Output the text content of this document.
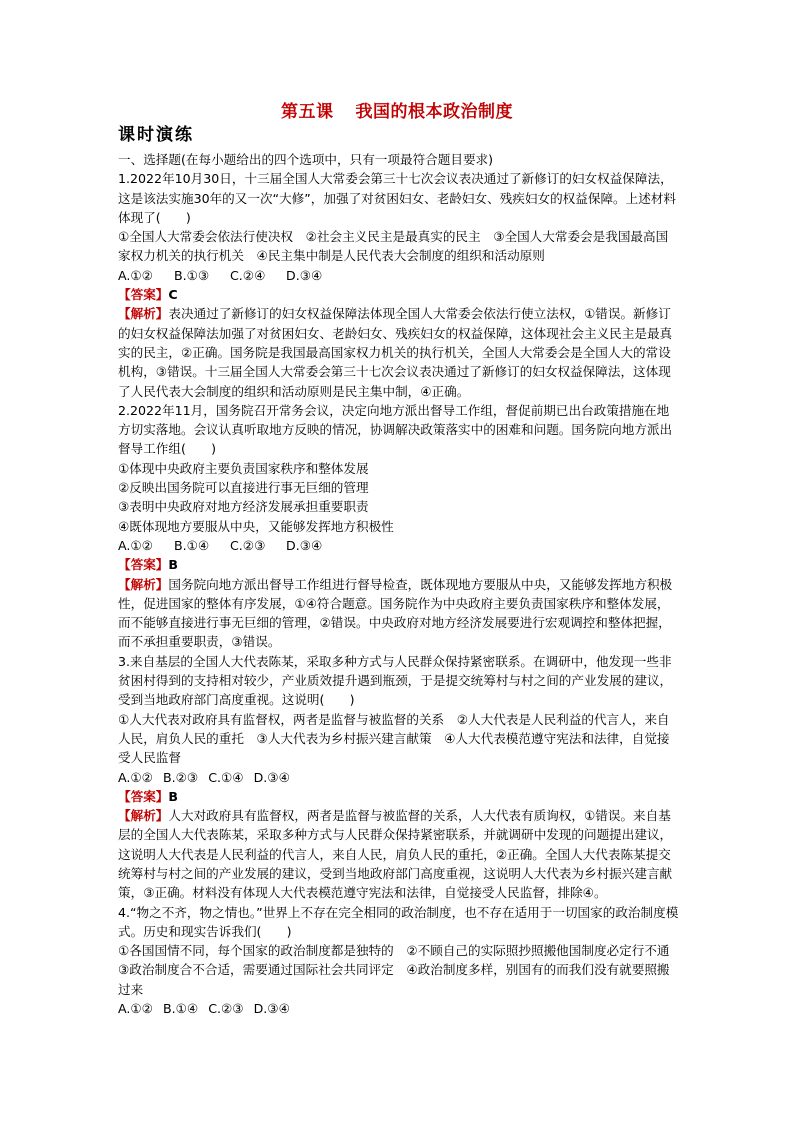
第五课 我国的根本政治制度
课时演练

一、选择题(在每小题给出的四个选项中，只有一项最符合题目要求)

1.2022年10月30日，十三届全国人大常委会第三十七次会议表决通过了新修订的妇女权益保障法，这是该法实施30年的又一次“大修”，加强了对贫困妇女、老龄妇女、残疾妇女的权益保障。上述材料体现了(　　)

①全国人大常委会依法行使决权　②社会主义民主是最真实的民主　③全国人大常委会是我国最高国家权力机关的执行机关　④民主集中制是人民代表大会制度的组织和活动原则

A.①② B.①③ C.②④ D.③④

【答案】C

【解析】表决通过了新修订的妇女权益保障法体现全国人大常委会依法行使立法权，①错误。新修订的妇女权益保障法加强了对贫困妇女、老龄妇女、残疾妇女的权益保障，这体现社会主义民主是最真实的民主，②正确。国务院是我国最高国家权力机关的执行机关，全国人大常委会是全国人大的常设机构，③错误。十三届全国人大常委会第三十七次会议表决通过了新修订的妇女权益保障法，这体现了人民代表大会制度的组织和活动原则是民主集中制，④正确。

2.2022年11月，国务院召开常务会议，决定向地方派出督导工作组，督促前期已出台政策措施在地方切实落地。会议认真听取地方反映的情况，协调解决政策落实中的困难和问题。国务院向地方派出督导工作组(　　)

①体现中央政府主要负责国家秩序和整体发展

②反映出国务院可以直接进行事无巨细的管理

③表明中央政府对地方经济发展承担重要职责

④既体现地方要服从中央，又能够发挥地方积极性

A.①② B.①④ C.②③ D.③④

【答案】B

【解析】国务院向地方派出督导工作组进行督导检查，既体现地方要服从中央，又能够发挥地方积极性，促进国家的整体有序发展，①④符合题意。国务院作为中央政府主要负责国家秩序和整体发展，而不能够直接进行事无巨细的管理，②错误。中央政府对地方经济发展要进行宏观调控和整体把握，而不承担重要职责，③错误。

3.来自基层的全国人大代表陈某，采取多种方式与人民群众保持紧密联系。在调研中，他发现一些非贫困村得到的支持相对较少，产业质效提升遇到瓶颈，于是提交统筹村与村之间的产业发展的建议，受到当地政府部门高度重视。这说明(　　)

①人大代表对政府具有监督权，两者是监督与被监督的关系　②人大代表是人民利益的代言人，来自人民，肩负人民的重托　③人大代表为乡村振兴建言献策　④人大代表模范遵守宪法和法律，自觉接受人民监督

A.①② B.②③ C.①④ D.③④

【答案】B

【解析】人大对政府具有监督权，两者是监督与被监督的关系，人大代表有质询权，①错误。来自基层的全国人大代表陈某，采取多种方式与人民群众保持紧密联系，并就调研中发现的问题提出建议，这说明人大代表是人民利益的代言人，来自人民，肩负人民的重托，②正确。全国人大代表陈某提交统筹村与村之间的产业发展的建议，受到当地政府部门高度重视，这说明人大代表为乡村振兴建言献策，③正确。材料没有体现人大代表模范遵守宪法和法律，自觉接受人民监督，排除④。

4.“物之不齐，物之情也。”世界上不存在完全相同的政治制度，也不存在适用于一切国家的政治制度模式。历史和现实告诉我们(　　)

①各国国情不同，每个国家的政治制度都是独特的　②不顾自己的实际照抄照搬他国制度必定行不通　③政治制度合不合适，需要通过国际社会共同评定　④政治制度多样，别国有的而我们没有就要照搬过来

A.①② B.①④ C.②③ D.③④
